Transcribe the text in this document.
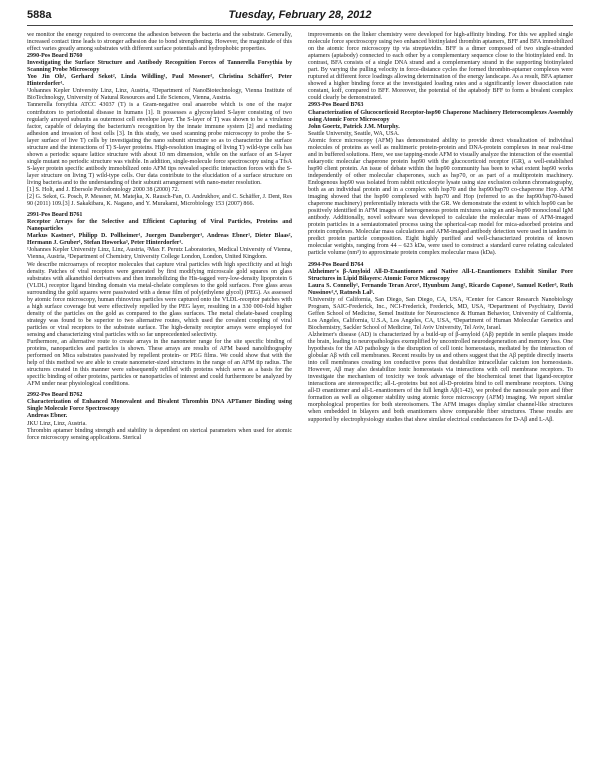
588a	Tuesday, February 28, 2012

we monitor the energy required to overcome the adhesion between the bacteria and the substrate. Generally, increased contact time leads to stronger adhesion due to bond strengthening. However, the magnitude of this effect varies greatly among substrates with different surface potentials and hydrophobic properties.

2990-Pos Board B760

Investigating the Surface Structure and Antibody Recognition Forces of Tannerella Forsythia by Scanning Probe Microscopy

Yoo Jin Oh¹, Gerhard Sekot², Linda Wildling¹, Paul Messner², Christina Schäffer², Peter Hinterdorfer¹.

¹Johannes Kepler University Linz, Linz, Austria, ²Department of NanoBiotechnology, Vienna Institute of BioTechnology, University of Natural Resources and Life Sciences, Vienna, Austria.

Tannerella forsythia ATCC 43037 (T) is a Gram-negative oral anaerobe which is one of the major contributors to periodontal disease in humans [1]. It possesses a glycosylated S-layer consisting of two regularly arrayed subunits as outermost cell envelope layer. The S-layer of T) was shown to be a virulence factor, capable of delaying the bacterium's recognition by the innate immune system [2] and mediating adhesion and invasion of host cells [3]. In this study, we used scanning probe microscopy to probe the S-layer surface of live T) cells by investigating the nano subunit structure so as to characterize the surface structure and the interactions of T) S-layer proteins. High-resolution imaging of living T) wild-type cells has shown a periodic square lattice structure with about 10 nm dimension, while on the surface of an S-layer single mutant no periodic structure was visible. In addition, single-molecule force spectroscopy using a TfsA S-layer protein specific antibody immobilized onto AFM tips revealed specific interaction forces with the S-layer structure on living T) wild-type cells. Our data contribute to the elucidation of a surface structure on living bacteria and to the understanding of their subunit arrangement with nano-meter resolution.

[1] S. Holt, and J. Ebersole Periodontology 2000 38 (2000) 72.
[2] G. Sekot, G. Posch, P. Messner, M. Matejka, X. Rausch-Fan, O. Andrukhov, and C. Schäffer, J. Dent, Res 90 (2011) 109.[3] J. Sakakibara, K. Nagano, and Y. Murakami, Microbiology 153 (2007) 866.

2991-Pos Board B761

Receptor Arrays for the Selective and Efficient Capturing of Viral Particles, Proteins and Nanoparticles

Markus Kastner¹, Philipp D. Pollheimer¹, Juergen Danzberger¹, Andreas Ebner¹, Dieter Blaas², Hermann J. Gruber¹, Stefan Howorka³, Peter Hinterdorfer¹.

¹Johannes Kepler University Linz, Linz, Austria, ²Max F. Perutz Laboratories, Medical University of Vienna, Vienna, Austria, ³Department of Chemistry, University College London, London, United Kingdom.

We describe microarrays of receptor molecules that capture viral particles with high specificity and at high density. Patches of viral receptors were generated by first modifying microscale gold squares on glass substrates with alkanethiol derivatives and then immobilizing the His-tagged very-low-density lipoprotein 6 (VLDL) receptor ligand binding domain via metal-chelate complexes to the gold surfaces. Free glass areas surrounding the gold squares were passivated with a dense film of poly(ethylene glycol) (PEG). As assessed by atomic force microscopy, human rhinovirus particles were captured onto the VLDL-receptor patches with a high surface coverage but were effectively repelled by the PEG layer, resulting in a 330 000-fold higher density of the particles on the gold as compared to the glass surfaces. The metal chelate-based coupling strategy was found to be superior to two alternative routes, which used the covalent coupling of viral particles or viral receptors to the substrate surface. The high-density receptor arrays were employed for sensing and characterizing viral particles with so far unprecedented selectivity.
Furthermore, an alternative route to create arrays in the nanometer range for the site specific binding of proteins, nanoparticles and particles is shown. These arrays are results of AFM based nanolithography performed on Mica substrates passivated by repellent protein- or PEG films. We could show that with the help of this method we are able to create nanometer-sized structures in the range of an AFM tip radius. The structures created in this manner were subsequently refilled with proteins which serve as a basis for the specific binding of other proteins, particles or nanoparticles of interest and could furthermore be analyzed by AFM under near physiological conditions.

2992-Pos Board B762

Characterization of Enhanced Monovalent and Bivalent Thrombin DNA APTamer Binding using Single Molecule Force Spectroscopy

Andreas Ebner.

JKU Linz, Linz, Austria.

Thrombin aptamer binding strength and stability is dependent on sterical parameters when used for atomic force microscopy sensing applications. Sterical

improvements on the linker chemistry were developed for high-affinity binding. For this we applied single molecule force spectroscopy using two enhanced biotinylated thrombin aptamers, BFF and BFA immobilized on the atomic force microscopy tip via streptavidin. BFF is a dimer composed of two single-stranded aptamers (aptabody) connected to each other by a complementary sequence close to the biotinylated end. In contrast, BFA consists of a single DNA strand and a complementary strand in the supporting biotinylated part. By varying the pulling velocity in force-distance cycles the formed thrombin-aptamer complexes were ruptured at different force loadings allowing determination of the energy landscape. As a result, BFA aptamer showed a higher binding force at the investigated loading rates and a significantly lower dissociation rate constant, koff, compared to BFF. Moreover, the potential of the aptabody BFF to form a bivalent complex could clearly be demonstrated.

2993-Pos Board B763

Characterization of Glucocorticoid Receptor-hsp90 Chaperone Machinery Heterocomplexes Assembly using Atomic Force Microscopy

John Goertz, Patrick J.M. Murphy.

Seattle University, Seattle, WA, USA.

Atomic force microscopy (AFM) has demonstrated ability to provide direct visualization of individual molecules of proteins as well as multimeric protein-protein and DNA-protein complexes in near real-time and in buffered solutions. Here, we use tapping-mode AFM to visually analyze the interaction of the essential eukaryotic molecular chaperone protein hsp90 with the glucocorticoid receptor (GR), a well-established hsp90 client protein. An issue of debate within the hsp90 community has been to what extent hsp90 works independently of other molecular chaperones, such as hsp70, or as part of a multiprotein machinery. Endogenous hsp90 was isolated from rabbit reticulocyte lysate using size exclusion column chromatography, both as an individual protein and in a complex with hsp70 and the hsp90/hsp70 co-chaperone Hop. AFM imaging showed that the hsp90 complexed with hsp70 and Hop (referred to as the hsp90/hsp70-based chaperone machinery) preferentially interacts with the GR. We demonstrate the extent to which hsp90 can be positively identified in AFM images of heterogeneous protein mixtures using an anti-hsp90 monoclonal IgM antibody. Additionally, novel software was developed to calculate the molecular mass of AFM-imaged protein particles in a semiautomated process using the spherical-cap model for mica-adsorbed proteins and protein complexes. Molecular mass calculations and AFM-imaged antibody detection were used in tandem to predict protein particle composition. Eight highly purified and well-characterized proteins of known molecular weights, ranging from 44 – 623 kDa, were used to construct a standard curve relating calculated particle volume (nm³) to approximate protein complex molecular mass (kDa).

2994-Pos Board B764

Alzheimer's β-Amyloid All-D-Enantiomers and Native All-L-Enantiomers Exhibit Similar Pore Structures in Lipid Bilayers: Atomic Force Microscopy

Laura S. Connelly¹, Fernando Teran Arce¹, Hyunbum Jang², Ricardo Capone¹, Samuel Kotler³, Ruth Nussinov²,⁴, Ratnesh Lal¹.

¹University of California, San Diego, San Diego, CA, USA, ²Center for Cancer Research Nanobiology Program, SAIC-Frederick, Inc., NCI-Frederick, Frederick, MD, USA, ³Department of Psychiatry, David Geffen School of Medicine, Semel Institute for Neuroscience & Human Behavior, University of California, Los Angeles, California, U.S.A, Los Angeles, CA, USA, ⁴Department of Human Molecular Genetics and Biochemistry, Sackler School of Medicine, Tel Aviv University, Tel Aviv, Israel.

Alzheimer's disease (AD) is characterized by a build-up of β-amyloid (Aβ) peptide in senile plaques inside the brain, leading to neuropathologies exemplified by uncontrolled neurodegeneration and memory loss. One hypothesis for the AD pathology is the disruption of cell ionic homeostasis, mediated by the interaction of globular Aβ with cell membranes. Recent results by us and others suggest that the Aβ peptide directly inserts into cell membranes creating ion conductive pores that destabilize intracellular calcium ion homeostasis. However, Aβ may also destabilize ionic homeostasis via interactions with cell membrane receptors. To investigate the mechanism of toxicity we took advantage of the biochemical tenet that ligand-receptor interactions are stereospecific; all-L-proteins but not all-D-proteins bind to cell membrane receptors. Using all-D enantiomer and all-L-enantiomers of the full length Aβ(1-42), we probed the nanoscale pore and fiber formation as well as oligomer stability using atomic force microscopy (AFM) imaging. We report similar morphological properties for both stereoisomers. The AFM images display similar channel-like structures when embedded in bilayers and both enantiomers show comparable fiber structures. These results are supported by electrophysiology studies that show similar electrical conductances for D-Aβ and L-Aβ.
